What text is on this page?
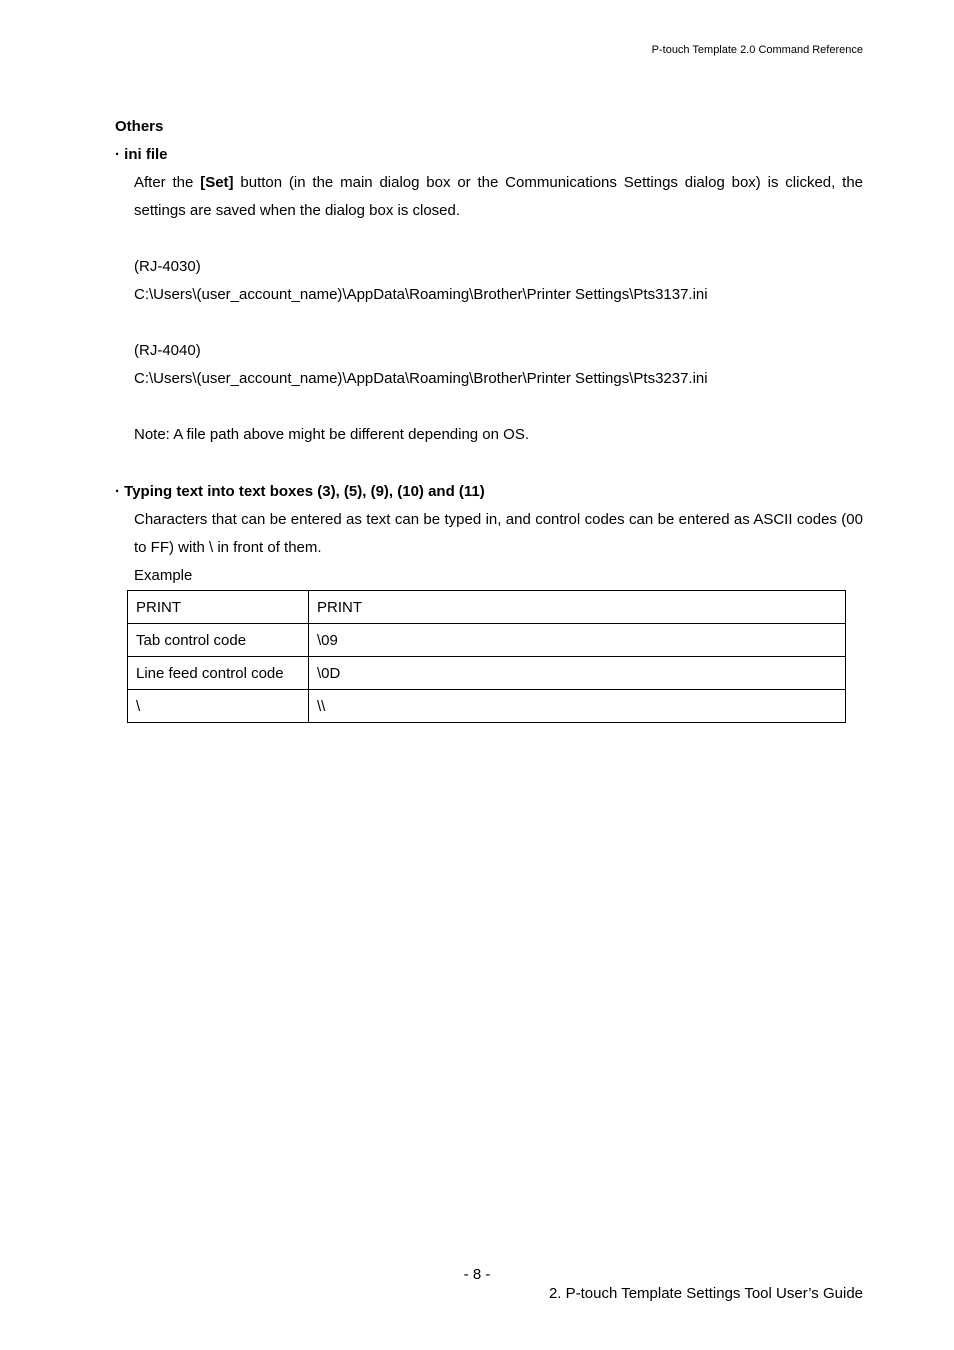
P-touch Template 2.0 Command Reference
Others
· ini file
After the [Set] button (in the main dialog box or the Communications Settings dialog box) is clicked, the settings are saved when the dialog box is closed.
(RJ-4030)
C:\Users\(user_account_name)\AppData\Roaming\Brother\Printer Settings\Pts3137.ini
(RJ-4040)
C:\Users\(user_account_name)\AppData\Roaming\Brother\Printer Settings\Pts3237.ini
Note: A file path above might be different depending on OS.
· Typing text into text boxes (3), (5), (9), (10) and (11)
Characters that can be entered as text can be typed in, and control codes can be entered as ASCII codes (00 to FF) with \ in front of them.
Example
PRINT	PRINT
Tab control code	\09
Line feed control code	\0D
\	\\
- 8 -
2. P-touch Template Settings Tool User’s Guide
